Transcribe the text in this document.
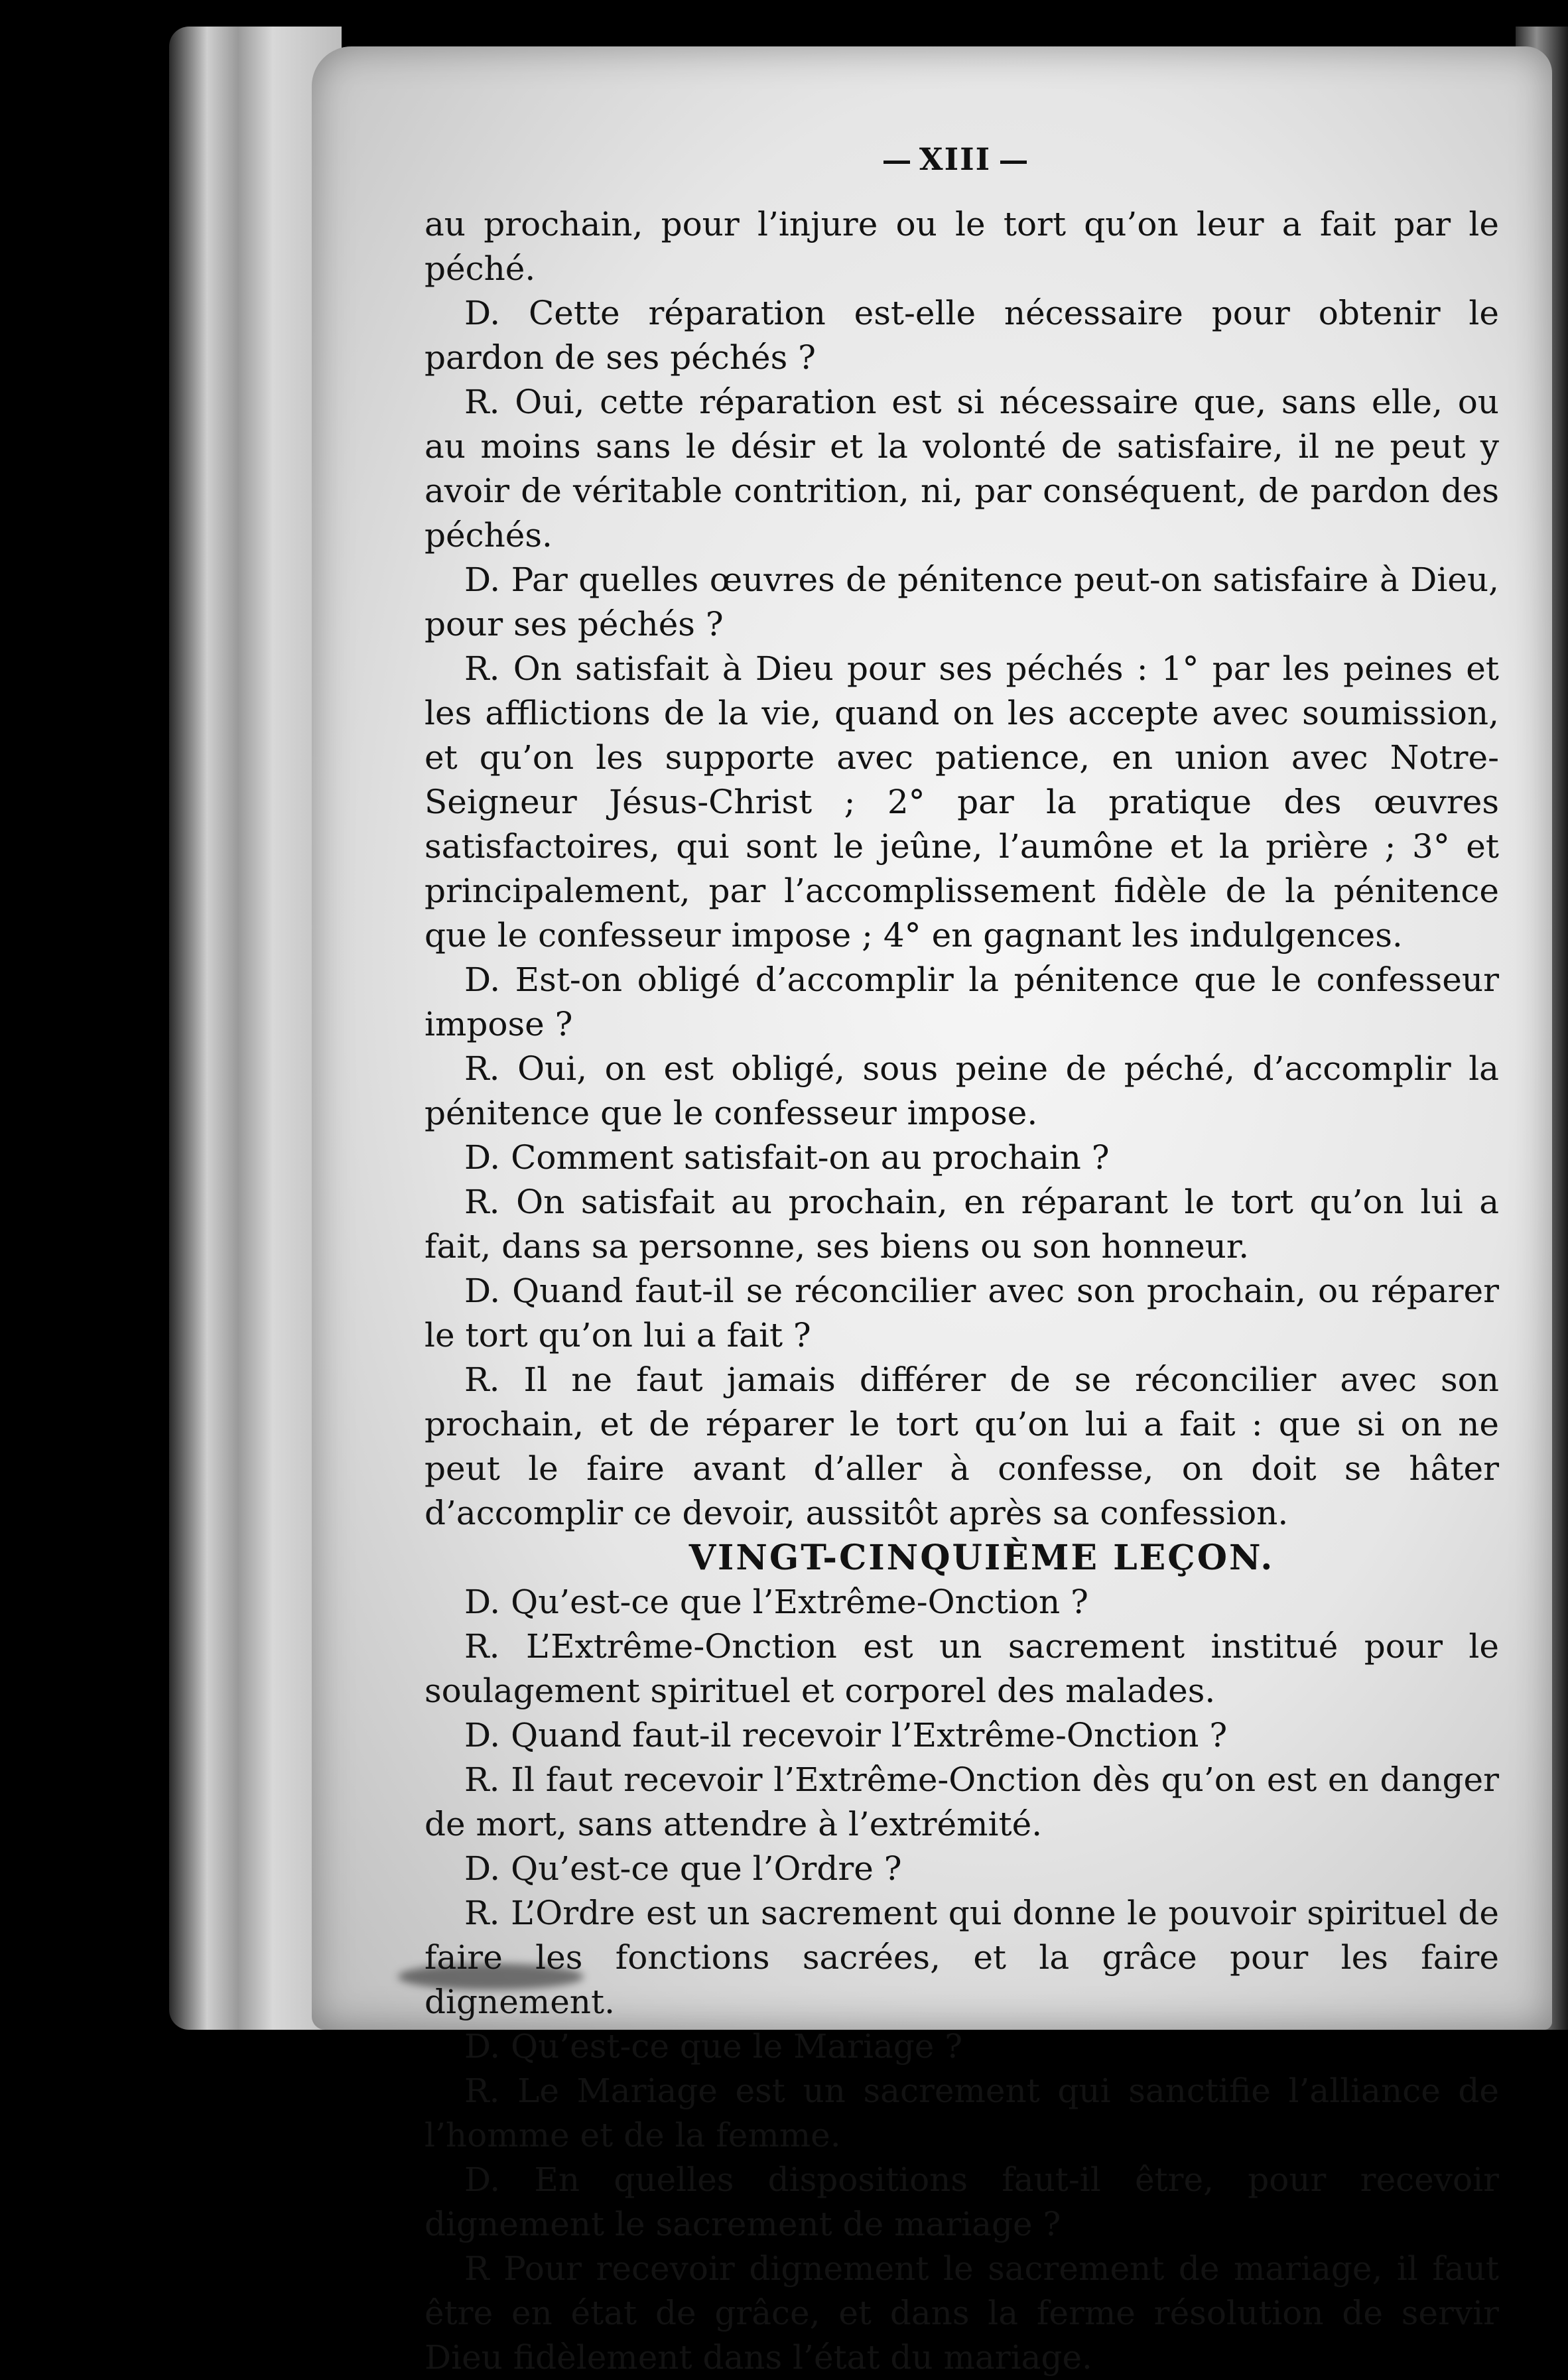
XIII

au prochain, pour l’injure ou le tort qu’on leur a fait par le péché.

D. Cette réparation est-elle nécessaire pour obtenir le pardon de ses péchés ?

R. Oui, cette réparation est si nécessaire que, sans elle, ou au moins sans le désir et la volonté de satisfaire, il ne peut y avoir de véritable contrition, ni, par conséquent, de pardon des péchés.

D. Par quelles œuvres de pénitence peut-on satisfaire à Dieu, pour ses péchés ?

R. On satisfait à Dieu pour ses péchés : 1° par les peines et les afflictions de la vie, quand on les accepte avec soumission, et qu’on les supporte avec patience, en union avec Notre-Seigneur Jésus-Christ ; 2° par la pratique des œuvres satisfactoires, qui sont le jeûne, l’aumône et la prière ; 3° et principalement, par l’accomplissement fidèle de la pénitence que le confesseur impose ; 4° en gagnant les indulgences.

D. Est-on obligé d’accomplir la pénitence que le confesseur impose ?

R. Oui, on est obligé, sous peine de péché, d’accomplir la pénitence que le confesseur impose.

D. Comment satisfait-on au prochain ?

R. On satisfait au prochain, en réparant le tort qu’on lui a fait, dans sa personne, ses biens ou son honneur.

D. Quand faut-il se réconcilier avec son prochain, ou réparer le tort qu’on lui a fait ?

R. Il ne faut jamais différer de se réconcilier avec son prochain, et de réparer le tort qu’on lui a fait : que si on ne peut le faire avant d’aller à confesse, on doit se hâter d’accomplir ce devoir, aussitôt après sa confession.

VINGT-CINQUIÈME LEÇON.

D. Qu’est-ce que l’Extrême-Onction ?

R. L’Extrême-Onction est un sacrement institué pour le soulagement spirituel et corporel des malades.

D. Quand faut-il recevoir l’Extrême-Onction ?

R. Il faut recevoir l’Extrême-Onction dès qu’on est en danger de mort, sans attendre à l’extrémité.

D. Qu’est-ce que l’Ordre ?

R. L’Ordre est un sacrement qui donne le pouvoir spirituel de faire les fonctions sacrées, et la grâce pour les faire dignement.

D. Qu’est-ce que le Mariage ?

R. Le Mariage est un sacrement qui sanctifie l’alliance de l’homme et de la femme.

D. En quelles dispositions faut-il être, pour recevoir dignement le sacrement de mariage ?

R Pour recevoir dignement le sacrement de mariage, il faut être en état de grâce, et dans la ferme résolution de servir Dieu fidèlement dans l’état du mariage.
